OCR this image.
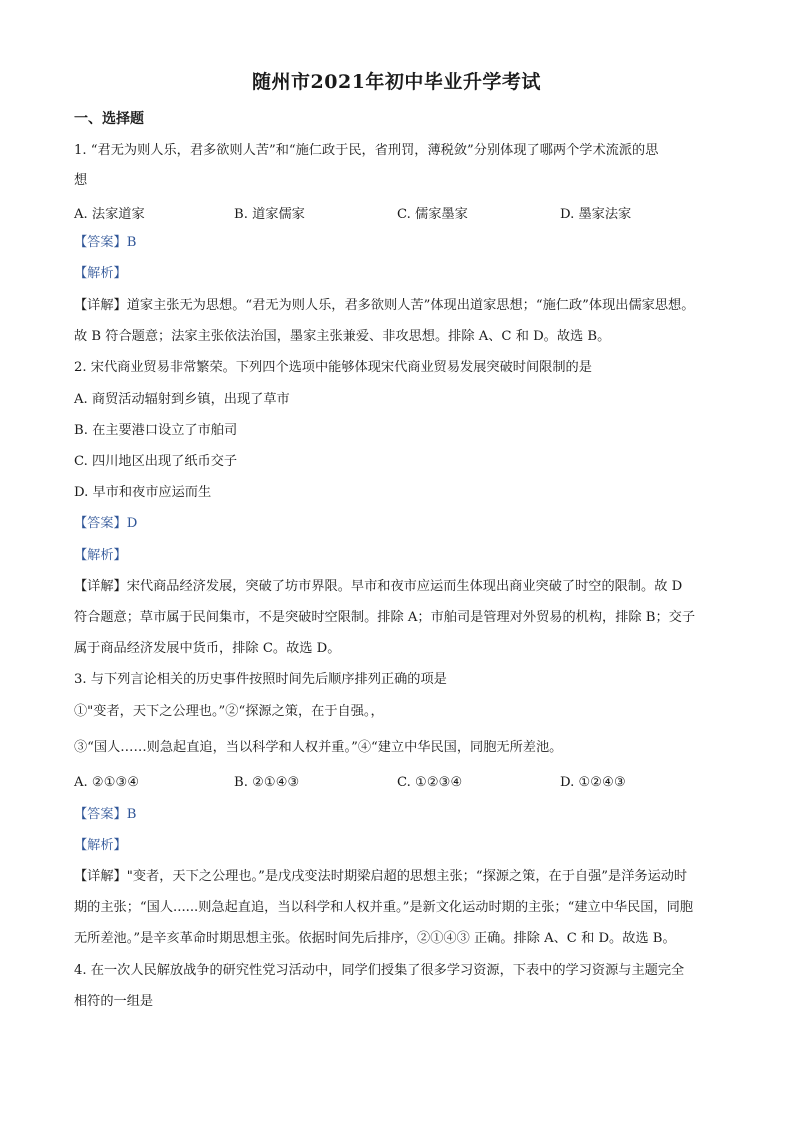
随州市2021年初中毕业升学考试
一、选择题
1. “君无为则人乐，君多欲则人苦”和“施仁政于民，省刑罚，薄税敛”分别体现了哪两个学术流派的思
想
A. 法家道家	B. 道家儒家	C. 儒家墨家	D. 墨家法家
【答案】B
【解析】
【详解】道家主张无为思想。“君无为则人乐，君多欲则人苦”体现出道家思想；“施仁政”体现出儒家思想。
故 B 符合题意；法家主张依法治国，墨家主张兼爱、非攻思想。排除 A、C 和 D。故选 B。
2. 宋代商业贸易非常繁荣。下列四个选项中能够体现宋代商业贸易发展突破时间限制的是
A. 商贸活动辐射到乡镇，出现了草市
B. 在主要港口设立了市舶司
C. 四川地区出现了纸币交子
D. 早市和夜市应运而生
【答案】D
【解析】
【详解】宋代商品经济发展，突破了坊市界限。早市和夜市应运而生体现出商业突破了时空的限制。故 D
符合题意；草市属于民间集市，不是突破时空限制。排除 A；市舶司是管理对外贸易的机构，排除 B；交子
属于商品经济发展中货币，排除 C。故选 D。
3. 与下列言论相关的历史事件按照时间先后顺序排列正确的项是
①"变者，天下之公理也。”②“探源之策，在于自强。，
③“国人……则急起直追，当以科学和人权并重。”④“建立中华民国，同胞无所差池。
A. ②①③④	B. ②①④③	C. ①②③④	D. ①②④③
【答案】B
【解析】
【详解】"变者，天下之公理也。”是戊戌变法时期梁启超的思想主张；“探源之策，在于自强”是洋务运动时
期的主张；“国人......则急起直追，当以科学和人权并重。”是新文化运动时期的主张；“建立中华民国，同胞
无所差池。”是辛亥革命时期思想主张。依据时间先后排序，②①④③ 正确。排除 A、C 和 D。故选 B。
4. 在一次人民解放战争的研究性党习活动中，同学们授集了很多学习资源，下表中的学习资源与主题完全
相符的一组是
